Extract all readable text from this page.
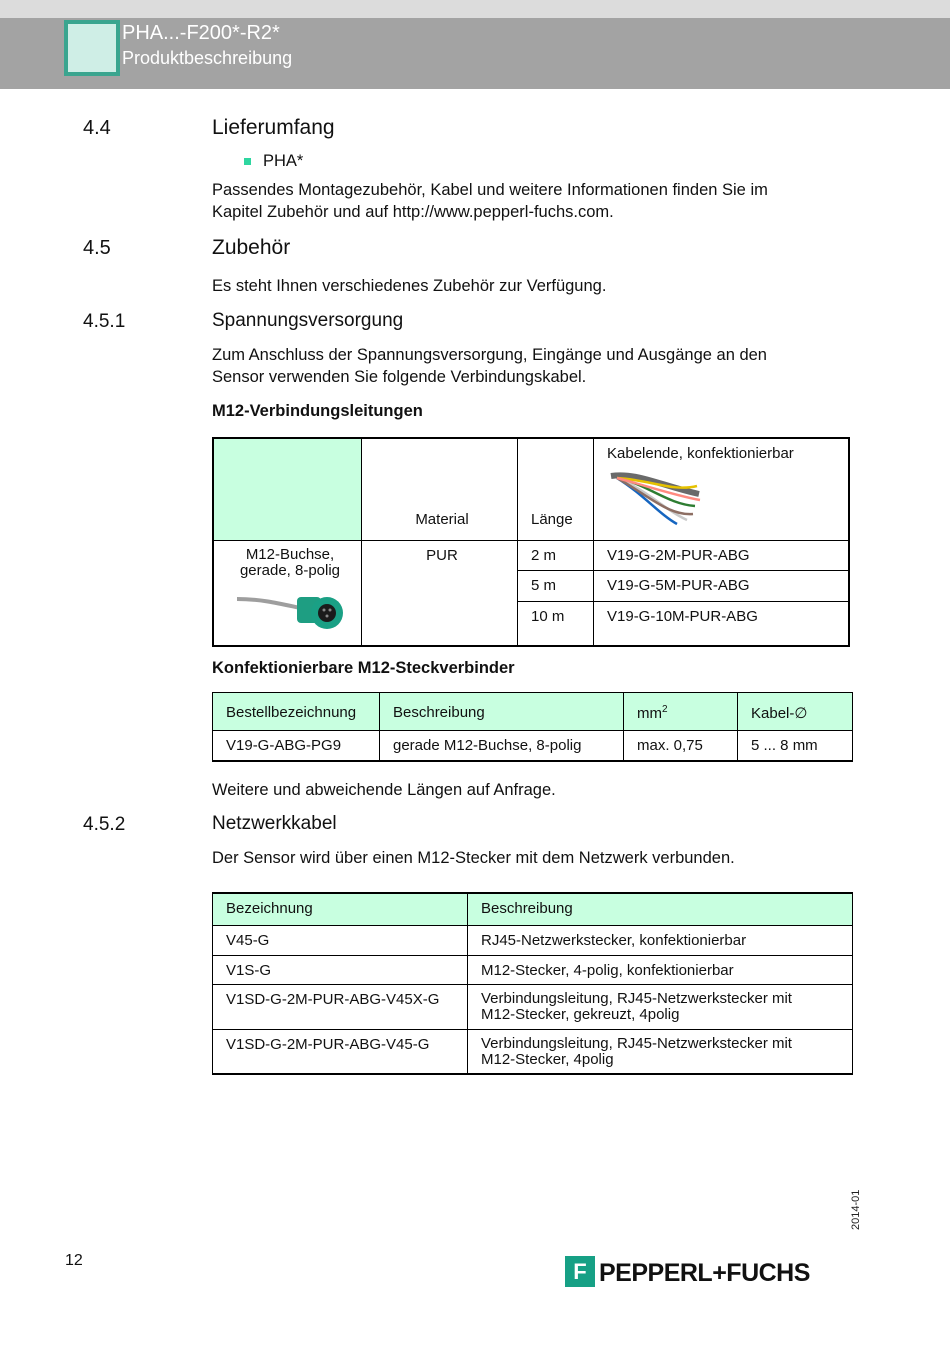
PHA...-F200*-R2*
Produktbeschreibung
4.4	Lieferumfang
PHA*
Passendes Montagezubehör, Kabel und weitere Informationen finden Sie im
Kapitel Zubehör und auf http://www.pepperl-fuchs.com.
4.5	Zubehör
Es steht Ihnen verschiedenes Zubehör zur Verfügung.
4.5.1	Spannungsversorgung
Zum Anschluss der Spannungsversorgung, Eingänge und Ausgänge an den
Sensor verwenden Sie folgende Verbindungskabel.
M12-Verbindungsleitungen
	Material	Länge	Kabelende, konfektionierbar

M12-Buchse,
gerade, 8-polig	PUR	2 m	V19-G-2M-PUR-ABG
		5 m	V19-G-5M-PUR-ABG
		10 m	V19-G-10M-PUR-ABG
Konfektionierbare M12-Steckverbinder
Bestellbezeichnung	Beschreibung	$mm^2$	Kabel-∅
V19-G-ABG-PG9	gerade M12-Buchse, 8-polig	max. 0,75	5 ... 8 mm
Weitere und abweichende Längen auf Anfrage.
4.5.2	Netzwerkkabel
Der Sensor wird über einen M12-Stecker mit dem Netzwerk verbunden.
Bezeichnung	Beschreibung
V45-G	RJ45-Netzwerkstecker, konfektionierbar
V1S-G	M12-Stecker, 4-polig, konfektionierbar
V1SD-G-2M-PUR-ABG-V45X-G	Verbindungsleitung, RJ45-Netzwerkstecker mit
M12-Stecker, gekreuzt, 4polig

V1SD-G-2M-PUR-ABG-V45-G	Verbindungsleitung, RJ45-Netzwerkstecker mit
M12-Stecker, 4polig
2014-01
12	F PEPPERL+FUCHS
